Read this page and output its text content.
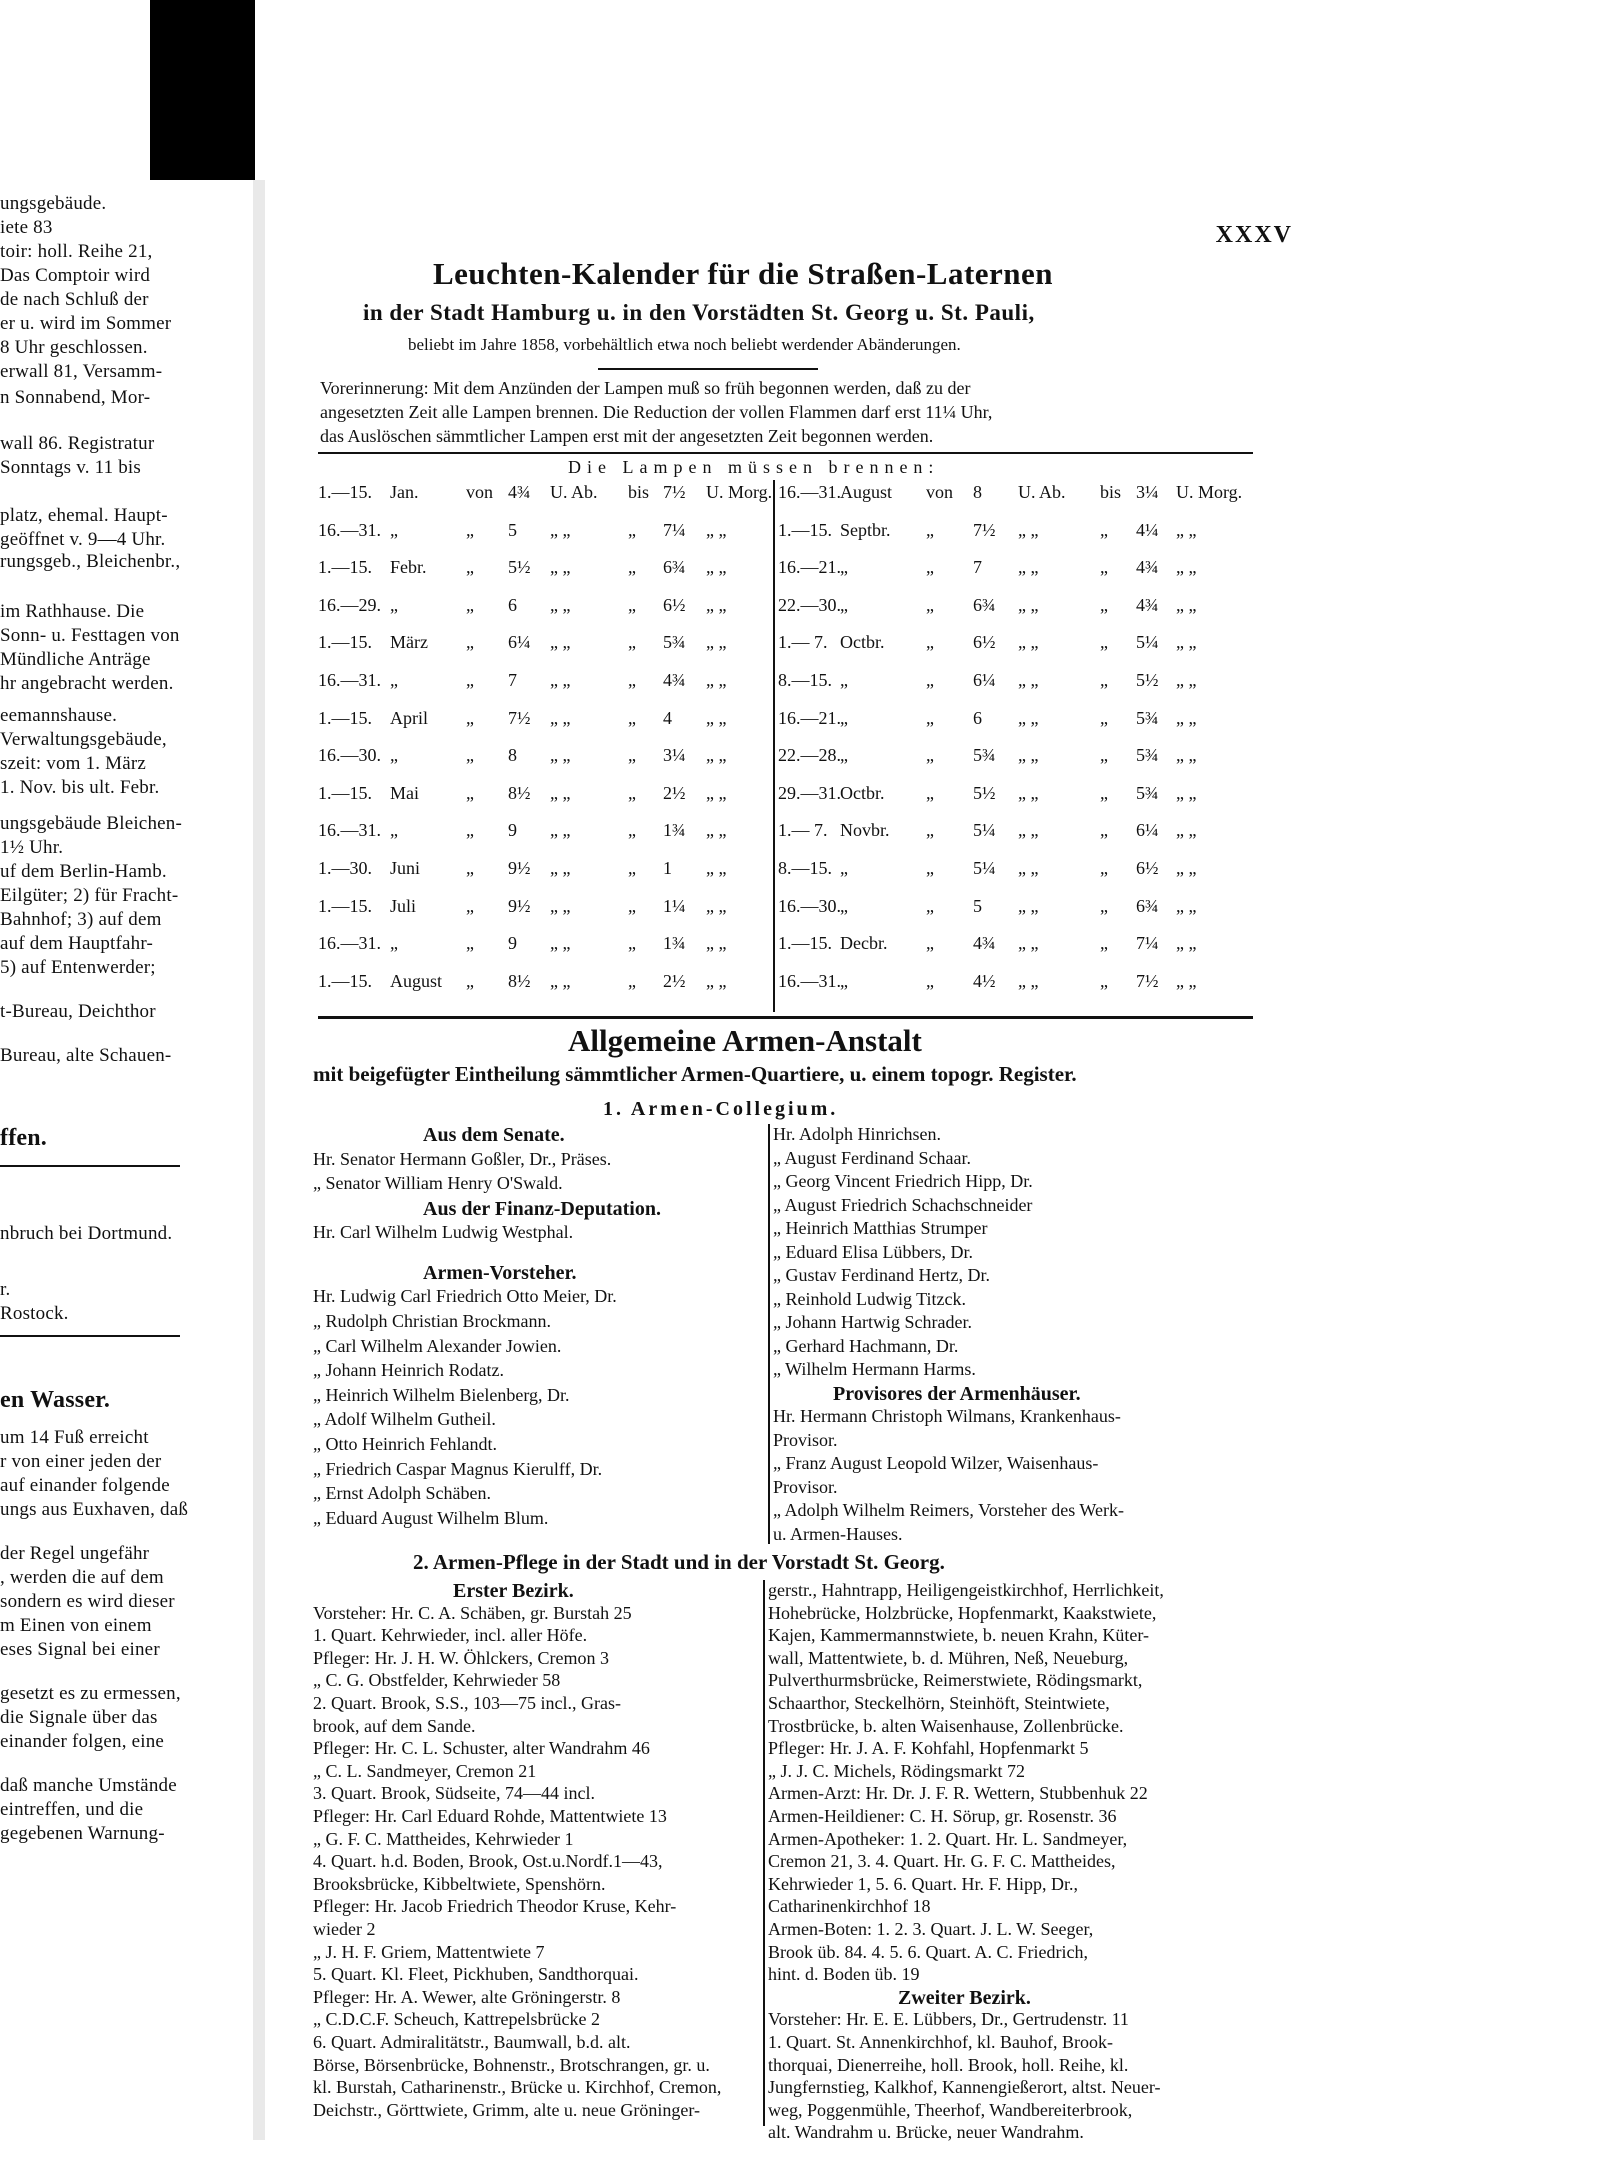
ungsgebäude.
iete 83
toir: holl. Reihe 21,
Das Comptoir wird
de nach Schluß der
er u. wird im Sommer
8 Uhr geschlossen.
erwall 81, Versamm-
n Sonnabend, Mor-
wall 86. Registratur
Sonntags v. 11 bis
platz, ehemal. Haupt-
geöffnet v. 9—4 Uhr.
rungsgeb., Bleichenbr.,
im Rathhause. Die
Sonn- u. Festtagen von
Mündliche Anträge
hr angebracht werden.
eemannshause.
Verwaltungsgebäude,
szeit: vom 1. März
1. Nov. bis ult. Febr.
ungsgebäude Bleichen-
1½ Uhr.
uf dem Berlin-Hamb.
Eilgüter; 2) für Fracht-
Bahnhof; 3) auf dem
auf dem Hauptfahr-
5) auf Entenwerder;
t-Bureau, Deichthor
Bureau, alte Schauen-
ffen.
nbruch bei Dortmund.
r.
Rostock.
en Wasser.
um 14 Fuß erreicht
r von einer jeden der
auf einander folgende
ungs aus Euxhaven, daß
der Regel ungefähr
, werden die auf dem
sondern es wird dieser
m Einen von einem
eses Signal bei einer
gesetzt es zu ermessen,
die Signale über das
einander folgen, eine
daß manche Umstände
eintreffen, und die
gegebenen Warnung-
XXXV
Leuchten-Kalender für die Straßen-Laternen
in der Stadt Hamburg u. in den Vorstädten St. Georg u. St. Pauli,
beliebt im Jahre 1858, vorbehältlich etwa noch beliebt werdender Abänderungen.
Vorerinnerung: Mit dem Anzünden der Lampen muß so früh begonnen werden, daß zu der
angesetzten Zeit alle Lampen brennen. Die Reduction der vollen Flammen darf erst 11¼ Uhr,
das Auslöschen sämmtlicher Lampen erst mit der angesetzten Zeit begonnen werden.
Die Lampen müssen brennen:
1.—15. Jan.	von 4¾ U. Ab. bis 7½ U. Morg.
16.—31. „	„ 5 „ „	„ 7¼ „ „
1.—15. Febr. „ 5½ „ „	„ 6¾ „ „
16.—29. „	„ 6 „ „	„ 6½ „ „
1.—15. März „ 6¼ „ „	„ 5¾ „ „
16.—31. „	„ 7 „ „	„ 4¾ „ „
1.—15. April „ 7½ „ „	„ 4 „ „
16.—30. „	„ 8 „ „	„ 3¼ „ „
1.—15. Mai	„ 8½ „ „	„ 2½ „ „
16.—31. „	„ 9 „ „	„ 1¾ „ „
1.—30. Juni	„ 9½ „ „	„ 1 „ „
1.—15. Juli	„ 9½ „ „	„ 1¼ „ „
16.—31. „	„ 9 „ „	„ 1¾ „ „
1.—15. August „ 8½ „ „	„ 2½ „ „
16.—31. August von 8 U. Ab. bis 3¼ U. Morg.
1.—15. Septbr. „ 7½ „ „	„ 4¼ „ „
16.—21. „	„ 7 „ „	„ 4¾ „ „
22.—30. „	„ 6¾ „ „	„ 4¾ „ „
1.— 7. Octbr. „ 6½ „ „	„ 5¼ „ „
8.—15. „	„ 6¼ „ „	„ 5½ „ „
16.—21. „	„ 6 „ „	„ 5¾ „ „
22.—28. „	„ 5¾ „ „	„ 5¾ „ „
29.—31. Octbr. „ 5½ „ „	„ 5¾ „ „
1.— 7. Novbr. „ 5¼ „ „	„ 6¼ „ „
8.—15. „	„ 5¼ „ „	„ 6½ „ „
16.—30. „	„ 5 „ „	„ 6¾ „ „
1.—15. Decbr. „ 4¾ „ „	„ 7¼ „ „
16.—31. „	„ 4½ „ „	„ 7½ „ „
Allgemeine Armen-Anstalt
mit beigefügter Eintheilung sämmtlicher Armen-Quartiere, u. einem topogr. Register.
1. Armen-Collegium.
Aus dem Senate.
Hr. Senator Hermann Goßler, Dr., Präses.
„ Senator William Henry O'Swald.
Aus der Finanz-Deputation.
Hr. Carl Wilhelm Ludwig Westphal.
Armen-Vorsteher.
Hr. Ludwig Carl Friedrich Otto Meier, Dr.
„ Rudolph Christian Brockmann.
„ Carl Wilhelm Alexander Jowien.
„ Johann Heinrich Rodatz.
„ Heinrich Wilhelm Bielenberg, Dr.
„ Adolf Wilhelm Gutheil.
„ Otto Heinrich Fehlandt.
„ Friedrich Caspar Magnus Kierulff, Dr.
„ Ernst Adolph Schäben.
„ Eduard August Wilhelm Blum.
Hr. Adolph Hinrichsen.
„ August Ferdinand Schaar.
„ Georg Vincent Friedrich Hipp, Dr.
„ August Friedrich Schachschneider
„ Heinrich Matthias Strumper
„ Eduard Elisa Lübbers, Dr.
„ Gustav Ferdinand Hertz, Dr.
„ Reinhold Ludwig Titzck.
„ Johann Hartwig Schrader.
„ Gerhard Hachmann, Dr.
„ Wilhelm Hermann Harms.
Provisores der Armenhäuser.
Hr. Hermann Christoph Wilmans, Krankenhaus-
Provisor.
„ Franz August Leopold Wilzer, Waisenhaus-
Provisor.
„ Adolph Wilhelm Reimers, Vorsteher des Werk-
u. Armen-Hauses.
2. Armen-Pflege in der Stadt und in der Vorstadt St. Georg.
Erster Bezirk.
Vorsteher: Hr. C. A. Schäben, gr. Burstah 25
1. Quart. Kehrwieder, incl. aller Höfe.
Pfleger: Hr. J. H. W. Öhlckers, Cremon 3
„ C. G. Obstfelder, Kehrwieder 58
2. Quart. Brook, S.S., 103—75 incl., Gras-
brook, auf dem Sande.
Pfleger: Hr. C. L. Schuster, alter Wandrahm 46
„ C. L. Sandmeyer, Cremon 21
3. Quart. Brook, Südseite, 74—44 incl.
Pfleger: Hr. Carl Eduard Rohde, Mattentwiete 13
„ G. F. C. Mattheides, Kehrwieder 1
4. Quart. h.d. Boden, Brook, Ost.u.Nordf.1—43,
Brooksbrücke, Kibbeltwiete, Spenshörn.
Pfleger: Hr. Jacob Friedrich Theodor Kruse, Kehr-
wieder 2
„ J. H. F. Griem, Mattentwiete 7
5. Quart. Kl. Fleet, Pickhuben, Sandthorquai.
Pfleger: Hr. A. Wewer, alte Gröningerstr. 8
„ C.D.C.F. Scheuch, Kattrepelsbrücke 2
6. Quart. Admiralitätstr., Baumwall, b.d. alt.
Börse, Börsenbrücke, Bohnenstr., Brotschrangen, gr. u.
kl. Burstah, Catharinenstr., Brücke u. Kirchhof, Cremon,
Deichstr., Görttwiete, Grimm, alte u. neue Gröninger-
gerstr., Hahntrapp, Heiligengeistkirchhof, Herrlichkeit,
Hohebrücke, Holzbrücke, Hopfenmarkt, Kaakstwiete,
Kajen, Kammermannstwiete, b. neuen Krahn, Küter-
wall, Mattentwiete, b. d. Mühren, Neß, Neueburg,
Pulverthurmsbrücke, Reimerstwiete, Rödingsmarkt,
Schaarthor, Steckelhörn, Steinhöft, Steintwiete,
Trostbrücke, b. alten Waisenhause, Zollenbrücke.
Pfleger: Hr. J. A. F. Kohfahl, Hopfenmarkt 5
„ J. J. C. Michels, Rödingsmarkt 72
Armen-Arzt: Hr. Dr. J. F. R. Wettern, Stubbenhuk 22
Armen-Heildiener: C. H. Sörup, gr. Rosenstr. 36
Armen-Apotheker: 1. 2. Quart. Hr. L. Sandmeyer,
Cremon 21, 3. 4. Quart. Hr. G. F. C. Mattheides,
Kehrwieder 1, 5. 6. Quart. Hr. F. Hipp, Dr.,
Catharinenkirchhof 18
Armen-Boten: 1. 2. 3. Quart. J. L. W. Seeger,
Brook üb. 84. 4. 5. 6. Quart. A. C. Friedrich,
hint. d. Boden üb. 19
Zweiter Bezirk.
Vorsteher: Hr. E. E. Lübbers, Dr., Gertrudenstr. 11
1. Quart. St. Annenkirchhof, kl. Bauhof, Brook-
thorquai, Dienerreihe, holl. Brook, holl. Reihe, kl.
Jungfernstieg, Kalkhof, Kannengießerort, altst. Neuer-
weg, Poggenmühle, Theerhof, Wandbereiterbrook,
alt. Wandrahm u. Brücke, neuer Wandrahm.
